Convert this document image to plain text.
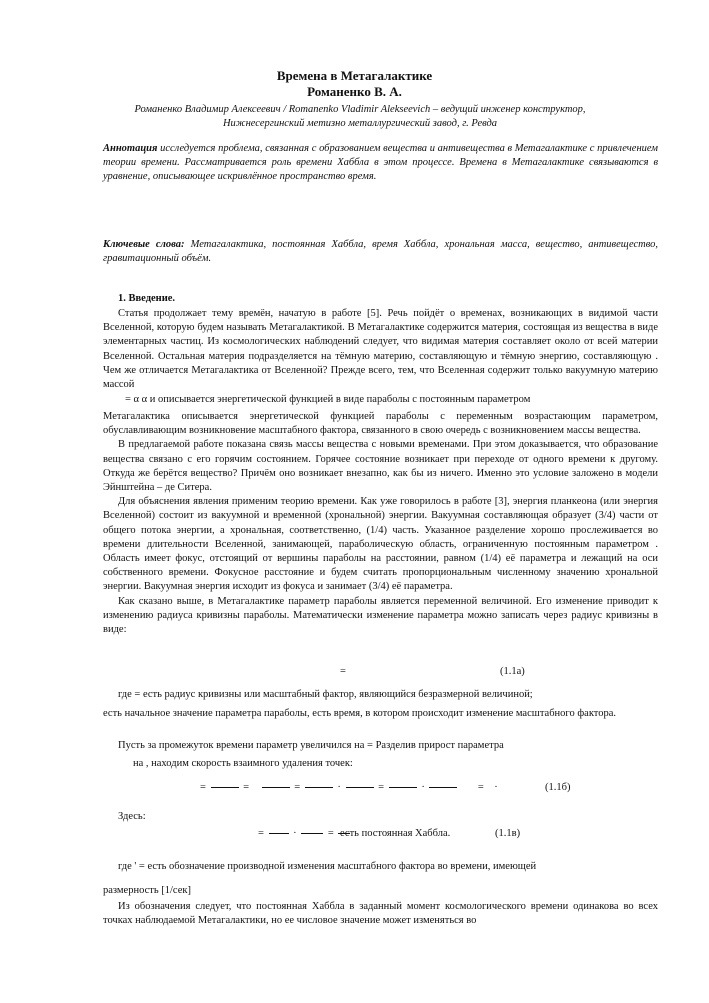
Времена в Метагалактике
Романенко В. А.
Романенко Владимир Алексеевич / Romanenko Vladimir Alekseevich – ведущий инженер конструктор, Нижнесергинский метизно металлургический завод, г. Ревда
Аннотация исследуется проблема, связанная с образованием вещества и антивещества в Метагалактике с привлечением теории времени. Рассматривается роль времени Хаббла в этом процессе. Времена в Метагалактике связываются в уравнение, описывающее искривлённое пространство время.
Ключевые слова: Метагалактика, постоянная Хаббла, время Хаббла, хрональная масса, вещество, антивещество, гравитационный объём.
1. Введение.

Статья продолжает тему времён, начатую в работе [5]. Речь пойдёт о временах, возникающих в видимой части Вселенной, которую будем называть Метагалактикой. В Метагалактике содержится материя, состоящая из вещества в виде элементарных частиц. Из космологических наблюдений следует, что видимая материя составляет около от всей материи Вселенной. Остальная материя подразделяется на тёмную материю, составляющую и тёмную энергию, составляющую . Чем же отличается Метагалактика от Вселенной? Прежде всего, тем, что Вселенная содержит только вакуумную материю массой

= α α и описывается энергетической функцией в виде параболы с постоянным параметром

Метагалактика описывается энергетической функцией параболы с переменным возрастающим параметром, обуславливающим возникновение масштабного фактора, связанного в свою очередь с возникновением массы вещества.

В предлагаемой работе показана связь массы вещества с новыми временами. При этом доказывается, что образование вещества связано с его горячим состоянием. Горячее состояние возникает при переходе от одного времени к другому. Откуда же берётся вещество? Причём оно возникает внезапно, как бы из ничего. Именно это условие заложено в модели Эйнштейна – де Ситера.

Для объяснения явления применим теорию времени. Как уже говорилось в работе [3], энергия планкеона (или энергия Вселенной) состоит из вакуумной и временной (хрональной) энергии. Вакуумная составляющая образует (3/4) части от общего потока энергии, а хрональная, соответственно, (1/4) часть. Указанное разделение хорошо прослеживается во времени длительности Вселенной, занимающей, параболическую область, ограниченную постоянным параметром . Область имеет фокус, отстоящий от вершины параболы на расстоянии, равном (1/4) её параметра и лежащий на оси собственного времени. Фокусное расстояние и будем считать пропорциональным численному значению хрональной энергии. Вакуумная энергия исходит из фокуса и занимает (3/4) её параметра.

Как сказано выше, в Метагалактике параметр параболы является переменной величиной. Его изменение приводит к изменению радиуса кривизны параболы. Математически изменение параметра можно записать через радиус кривизны в виде:

=	(1.1а)
где = есть радиус кривизны или масштабный фактор, являющийся безразмерной величиной;
есть начальное значение параметра параболы, есть время, в котором происходит изменение масштабного фактора.
Пусть за промежуток времени параметр увеличился на = Разделив прирост параметра
на , находим скорость взаимного удаления точек:
=	=	=	·	=	·	=    ·	(1.1б)
Здесь:
=  ·  = есть постоянная Хаббла.	(1.1в)
где ' = есть обозначение производной изменения масштабного фактора во времени, имеющей
размерность [1/сек]

Из обозначения следует, что постоянная Хаббла в заданный момент космологического времени одинакова во всех точках наблюдаемой Метагалактики, но ее числовое значение может изменяться во
